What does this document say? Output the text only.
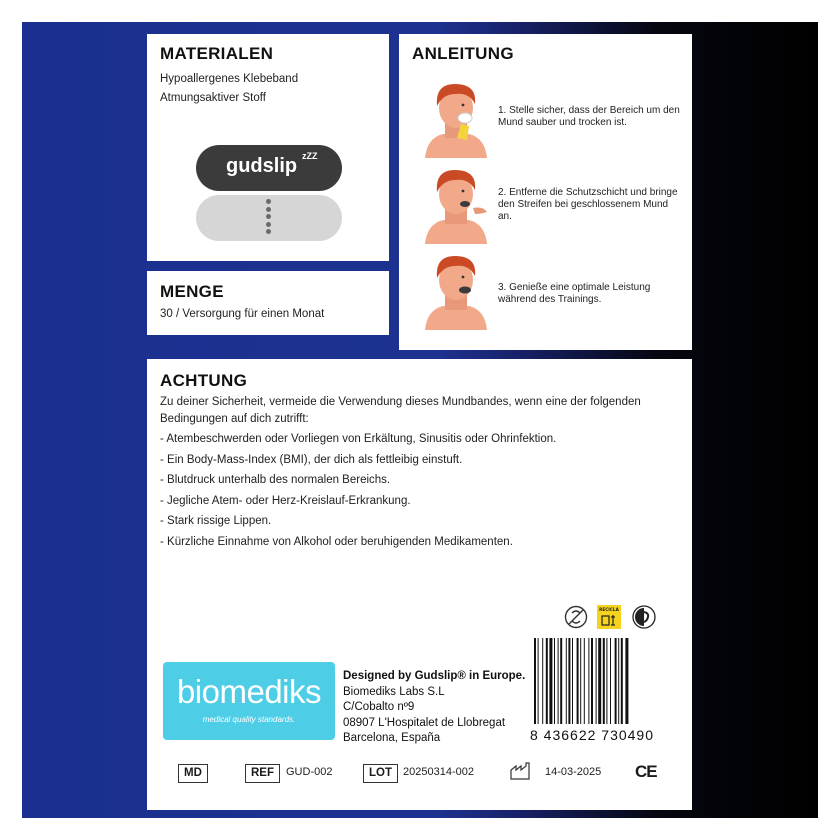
MATERIALEN
Hypoallergenes Klebeband
Atmungsaktiver Stoff
gudslip zZZ
MENGE
30 / Versorgung für einen Monat
ANLEITUNG
1. Stelle sicher, dass der Bereich um den Mund sauber und trocken ist.
2. Entferne die Schutzschicht und bringe den Streifen bei geschlossenem Mund an.
3. Genieße eine optimale Leistung während des Trainings.
ACHTUNG
Zu deiner Sicherheit, vermeide die Verwendung dieses Mundbandes, wenn eine der folgenden Bedingungen auf dich zutrifft:
- Atembeschwerden oder Vorliegen von Erkältung, Sinusitis oder Ohrinfektion.
- Ein Body-Mass-Index (BMI), der dich als fettleibig einstuft.
- Blutdruck unterhalb des normalen Bereichs.
- Jegliche Atem- oder Herz-Kreislauf-Erkrankung.
- Stark rissige Lippen.
- Kürzliche Einnahme von Alkohol oder beruhigenden Medikamenten.
RECICLA
biomediks
medical quality standards.
Designed by Gudslip® in Europe.
Biomediks Labs S.L
C/Cobalto nº9
08907 L'Hospitalet de Llobregat
Barcelona, España	8 436622 730490
MD	REF	GUD-002	LOT	20250314-002	14-03-2025 CE
